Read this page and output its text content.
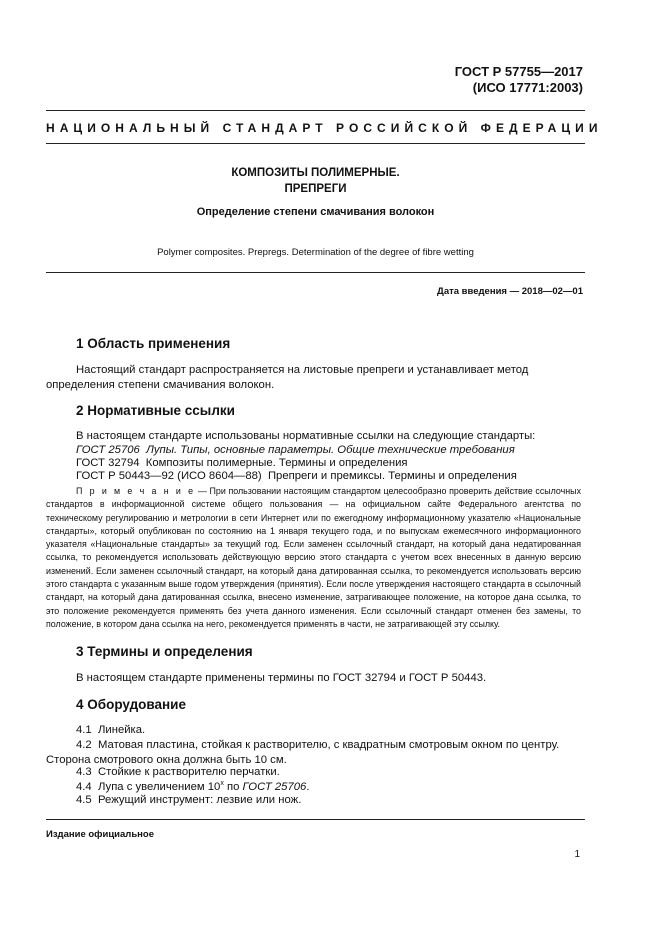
ГОСТ Р 57755—2017
(ИСО 17771:2003)
НАЦИОНАЛЬНЫЙ СТАНДАРТ РОССИЙСКОЙ ФЕДЕРАЦИИ
КОМПОЗИТЫ ПОЛИМЕРНЫЕ.
ПРЕПРЕГИ
Определение степени смачивания волокон
Polymer composites. Prepregs. Determination of the degree of fibre wetting
Дата введения — 2018—02—01
1 Область применения
Настоящий стандарт распространяется на листовые препреги и устанавливает метод определения степени смачивания волокон.
2 Нормативные ссылки
В настоящем стандарте использованы нормативные ссылки на следующие стандарты:
ГОСТ 25706 Лупы. Типы, основные параметры. Общие технические требования
ГОСТ 32794 Композиты полимерные. Термины и определения
ГОСТ Р 50443—92 (ИСО 8604—88) Препреги и премиксы. Термины и определения
П р и м е ч а н и е — При пользовании настоящим стандартом целесообразно проверить действие ссылочных стандартов в информационной системе общего пользования — на официальном сайте Федерального агентства по техническому регулированию и метрологии в сети Интернет или по ежегодному информационному указателю «Национальные стандарты», который опубликован по состоянию на 1 января текущего года, и по выпускам ежемесячного информационного указателя «Национальные стандарты» за текущий год. Если заменен ссылочный стандарт, на который дана недатированная ссылка, то рекомендуется использовать действующую версию этого стандарта с учетом всех внесенных в данную версию изменений. Если заменен ссылочный стандарт, на который дана датированная ссылка, то рекомендуется использовать версию этого стандарта с указанным выше годом утверждения (принятия). Если после утверждения настоящего стандарта в ссылочный стандарт, на который дана датированная ссылка, внесено изменение, затрагивающее положение, на которое дана ссылка, то это положение рекомендуется применять без учета данного изменения. Если ссылочный стандарт отменен без замены, то положение, в котором дана ссылка на него, рекомендуется применять в части, не затрагивающей эту ссылку.
3 Термины и определения
В настоящем стандарте применены термины по ГОСТ 32794 и ГОСТ Р 50443.
4 Оборудование
4.1 Линейка.
4.2 Матовая пластина, стойкая к растворителю, с квадратным смотровым окном по центру. Сторона смотрового окна должна быть 10 см.
4.3 Стойкие к растворителю перчатки.
4.4 Лупа с увеличением 10$^x$ по ГОСТ 25706.
4.5 Режущий инструмент: лезвие или нож.
Издание официальное
1
